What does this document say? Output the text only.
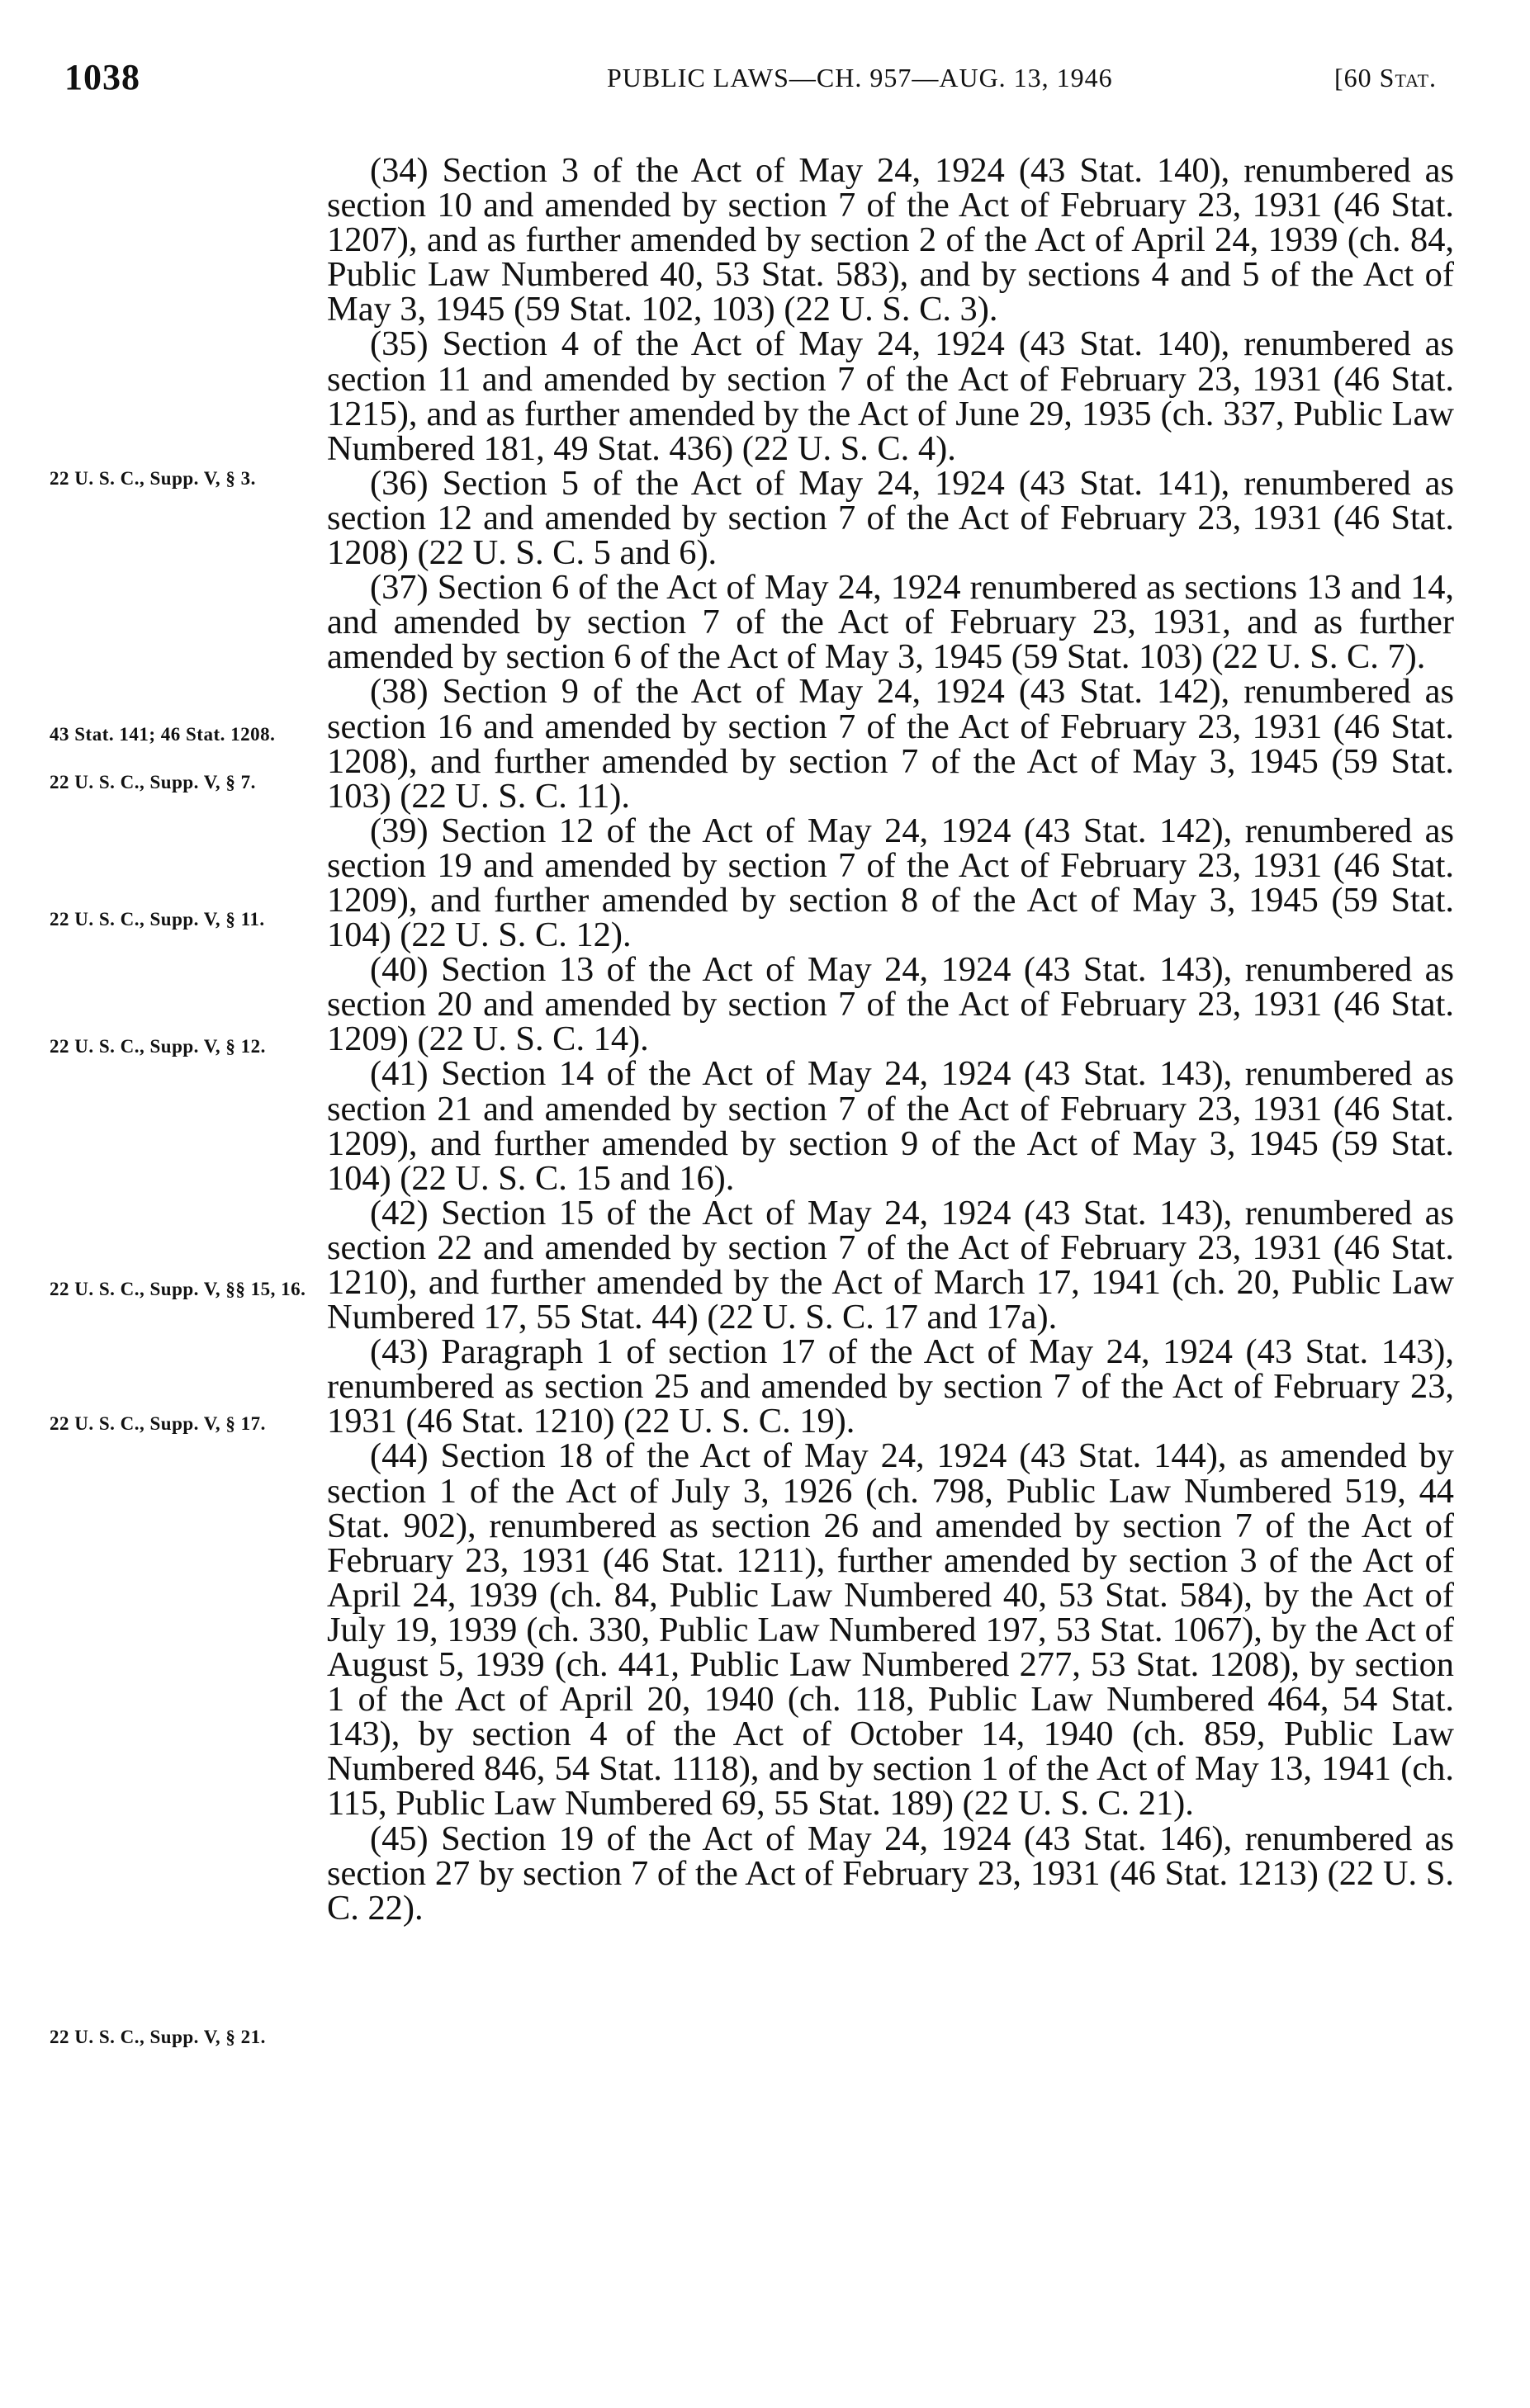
1038	PUBLIC LAWS—CH. 957—AUG. 13, 1946	[60 Stat.
22 U. S. C., Supp. V, § 3.
43 Stat. 141; 46 Stat. 1208.
22 U. S. C., Supp. V, § 7.
22 U. S. C., Supp. V, § 11.
22 U. S. C., Supp. V, § 12.
22 U. S. C., Supp. V, §§ 15, 16.
22 U. S. C., Supp. V, § 17.
22 U. S. C., Supp. V, § 21.

(34) Section 3 of the Act of May 24, 1924 (43 Stat. 140), renumbered as section 10 and amended by section 7 of the Act of February 23, 1931 (46 Stat. 1207), and as further amended by section 2 of the Act of April 24, 1939 (ch. 84, Public Law Numbered 40, 53 Stat. 583), and by sections 4 and 5 of the Act of May 3, 1945 (59 Stat. 102, 103) (22 U. S. C. 3).

(35) Section 4 of the Act of May 24, 1924 (43 Stat. 140), renumbered as section 11 and amended by section 7 of the Act of February 23, 1931 (46 Stat. 1215), and as further amended by the Act of June 29, 1935 (ch. 337, Public Law Numbered 181, 49 Stat. 436) (22 U. S. C. 4).

(36) Section 5 of the Act of May 24, 1924 (43 Stat. 141), renumbered as section 12 and amended by section 7 of the Act of February 23, 1931 (46 Stat. 1208) (22 U. S. C. 5 and 6).

(37) Section 6 of the Act of May 24, 1924 renumbered as sections 13 and 14, and amended by section 7 of the Act of February 23, 1931, and as further amended by section 6 of the Act of May 3, 1945 (59 Stat. 103) (22 U. S. C. 7).

(38) Section 9 of the Act of May 24, 1924 (43 Stat. 142), renumbered as section 16 and amended by section 7 of the Act of February 23, 1931 (46 Stat. 1208), and further amended by section 7 of the Act of May 3, 1945 (59 Stat. 103) (22 U. S. C. 11).

(39) Section 12 of the Act of May 24, 1924 (43 Stat. 142), renumbered as section 19 and amended by section 7 of the Act of February 23, 1931 (46 Stat. 1209), and further amended by section 8 of the Act of May 3, 1945 (59 Stat. 104) (22 U. S. C. 12).

(40) Section 13 of the Act of May 24, 1924 (43 Stat. 143), renumbered as section 20 and amended by section 7 of the Act of February 23, 1931 (46 Stat. 1209) (22 U. S. C. 14).

(41) Section 14 of the Act of May 24, 1924 (43 Stat. 143), renumbered as section 21 and amended by section 7 of the Act of February 23, 1931 (46 Stat. 1209), and further amended by section 9 of the Act of May 3, 1945 (59 Stat. 104) (22 U. S. C. 15 and 16).

(42) Section 15 of the Act of May 24, 1924 (43 Stat. 143), renumbered as section 22 and amended by section 7 of the Act of February 23, 1931 (46 Stat. 1210), and further amended by the Act of March 17, 1941 (ch. 20, Public Law Numbered 17, 55 Stat. 44) (22 U. S. C. 17 and 17a).

(43) Paragraph 1 of section 17 of the Act of May 24, 1924 (43 Stat. 143), renumbered as section 25 and amended by section 7 of the Act of February 23, 1931 (46 Stat. 1210) (22 U. S. C. 19).

(44) Section 18 of the Act of May 24, 1924 (43 Stat. 144), as amended by section 1 of the Act of July 3, 1926 (ch. 798, Public Law Numbered 519, 44 Stat. 902), renumbered as section 26 and amended by section 7 of the Act of February 23, 1931 (46 Stat. 1211), further amended by section 3 of the Act of April 24, 1939 (ch. 84, Public Law Numbered 40, 53 Stat. 584), by the Act of July 19, 1939 (ch. 330, Public Law Numbered 197, 53 Stat. 1067), by the Act of August 5, 1939 (ch. 441, Public Law Numbered 277, 53 Stat. 1208), by section 1 of the Act of April 20, 1940 (ch. 118, Public Law Numbered 464, 54 Stat. 143), by section 4 of the Act of October 14, 1940 (ch. 859, Public Law Numbered 846, 54 Stat. 1118), and by section 1 of the Act of May 13, 1941 (ch. 115, Public Law Numbered 69, 55 Stat. 189) (22 U. S. C. 21).

(45) Section 19 of the Act of May 24, 1924 (43 Stat. 146), renumbered as section 27 by section 7 of the Act of February 23, 1931 (46 Stat. 1213) (22 U. S. C. 22).
